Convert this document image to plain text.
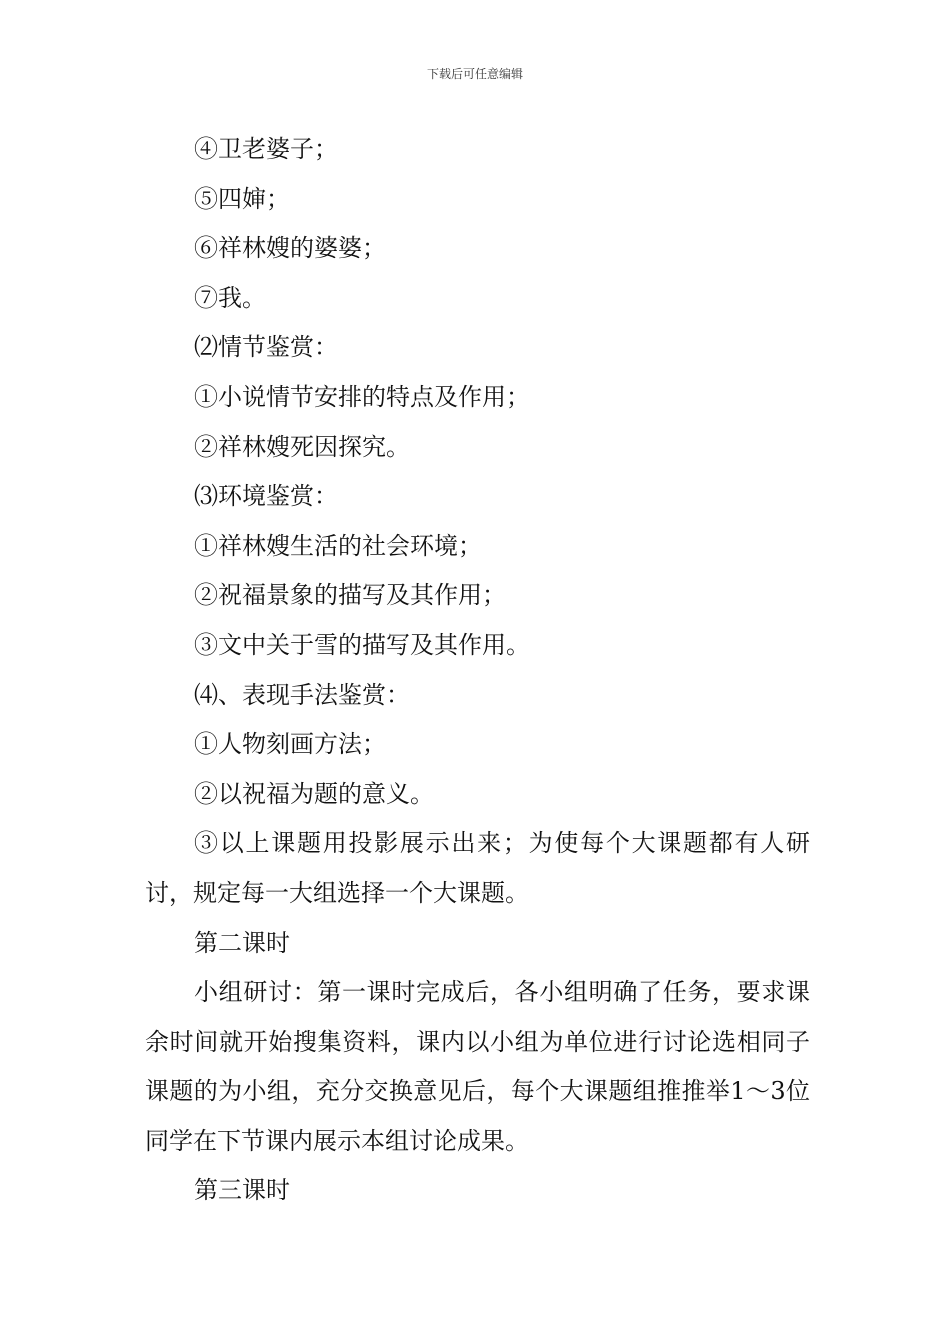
下载后可任意编辑
④卫老婆子；
⑤四婶；
⑥祥林嫂的婆婆；
⑦我。
⑵情节鉴赏：
①小说情节安排的特点及作用；
②祥林嫂死因探究。
⑶环境鉴赏：
①祥林嫂生活的社会环境；
②祝福景象的描写及其作用；
③文中关于雪的描写及其作用。
⑷、表现手法鉴赏：
①人物刻画方法；
②以祝福为题的意义。
③以上课题用投影展示出来；为使每个大课题都有人研讨，规定每一大组选择一个大课题。
第二课时
小组研讨：第一课时完成后，各小组明确了任务，要求课余时间就开始搜集资料，课内以小组为单位进行讨论选相同子课题的为小组，充分交换意见后，每个大课题组推推举1～3位同学在下节课内展示本组讨论成果。
第三课时
